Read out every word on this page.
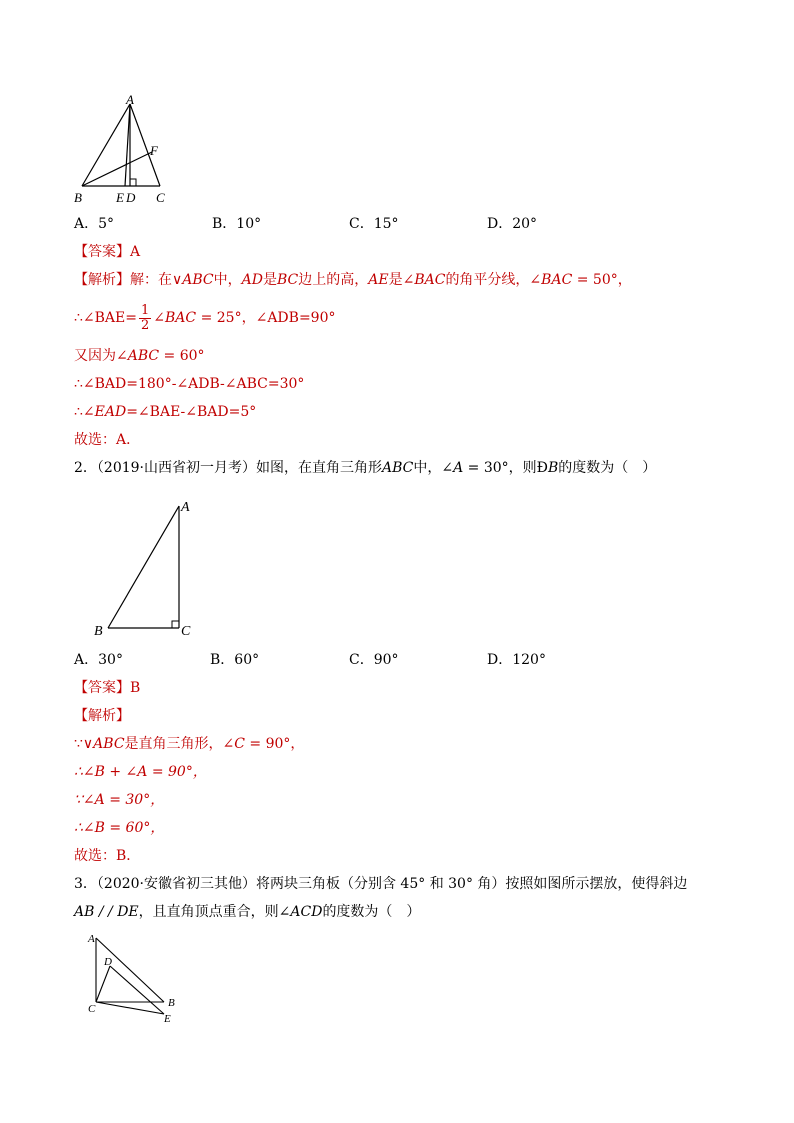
A
F
B	E D C
A．5°	B．10°	C．15°	D．20°
【答案】A
【解析】解：在∨ABC中，AD是BC边上的高，AE是∠BAC的角平分线，∠BAC = 50°，
∴∠BAE= $\frac{1}{2}$ ∠BAC = 25°，∠ADB=90°
又因为∠ABC = 60°
∴∠BAD=180°-∠ADB-∠ABC=30°
∴∠EAD=∠BAE-∠BAD=5°
故选：A．
2．（2019·山西省初一月考）如图，在直角三角形ABC中，∠A = 30°，则ÐB的度数为（　）
A
B	C
A．30°	B．60°	C．90°	D．120°
【答案】B
【解析】
∵∨ABC是直角三角形，∠C = 90°，
∴∠B + ∠A = 90°，
∵∠A = 30°，
∴∠B = 60°，
故选：B．
3．（2020·安徽省初三其他）将两块三角板（分别含 45° 和 30° 角）按照如图所示摆放，使得斜边
AB / / DE，且直角顶点重合，则∠ACD的度数为（　）
A
D
C	B
E
